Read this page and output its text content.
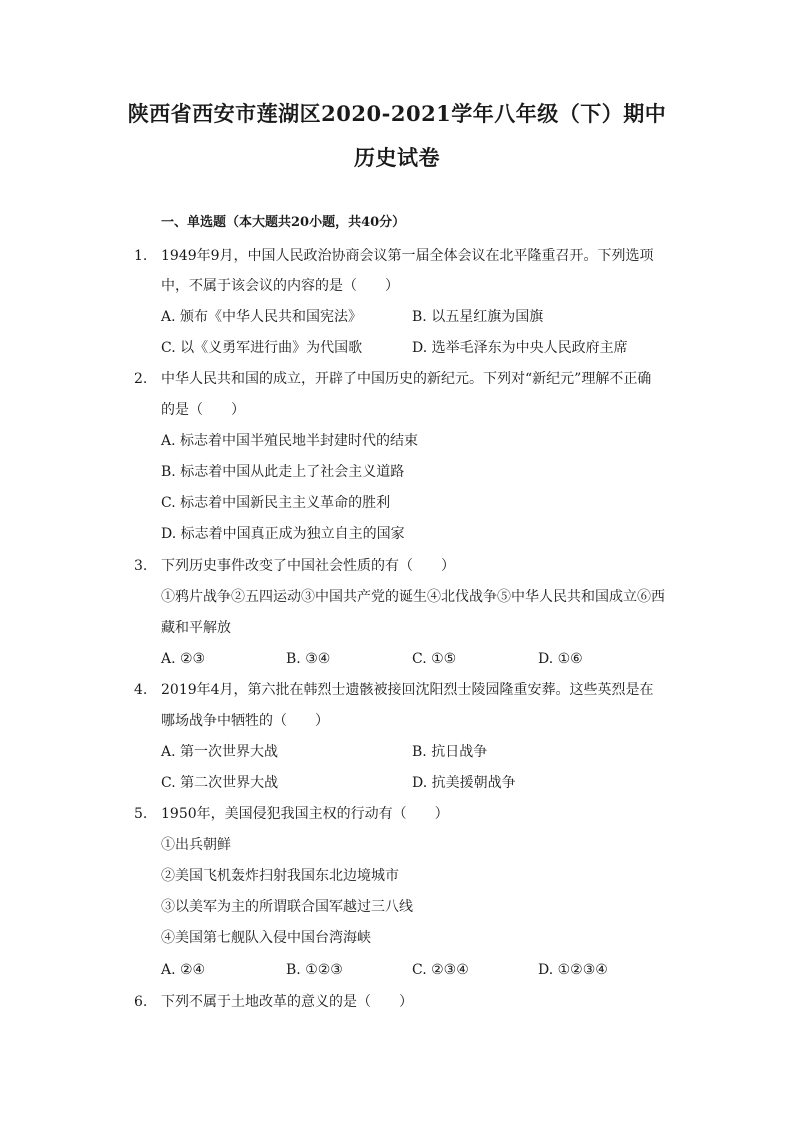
陕西省西安市莲湖区2020-2021学年八年级（下）期中
历史试卷
一、单选题（本大题共20小题，共40分）
1. 1949年9月，中国人民政治协商会议第一届全体会议在北平隆重召开。下列选项
中，不属于该会议的内容的是（　　）
A. 颁布《中华人民共和国宪法》	B. 以五星红旗为国旗
C. 以《义勇军进行曲》为代国歌	D. 选举毛泽东为中央人民政府主席
2. 中华人民共和国的成立，开辟了中国历史的新纪元。下列对“新纪元”理解不正确
的是（　　）
A. 标志着中国半殖民地半封建时代的结束
B. 标志着中国从此走上了社会主义道路
C. 标志着中国新民主主义革命的胜利
D. 标志着中国真正成为独立自主的国家
3. 下列历史事件改变了中国社会性质的有（　　）
①鸦片战争②五四运动③中国共产党的诞生④北伐战争⑤中华人民共和国成立⑥西
藏和平解放
A. ②③	B. ③④	C. ①⑤	D. ①⑥
4. 2019年4月，第六批在韩烈士遗骸被接回沈阳烈士陵园隆重安葬。这些英烈是在
哪场战争中牺牲的（　　）
A. 第一次世界大战	B. 抗日战争
C. 第二次世界大战	D. 抗美援朝战争
5. 1950年，美国侵犯我国主权的行动有（　　）
①出兵朝鲜
②美国飞机轰炸扫射我国东北边境城市
③以美军为主的所谓联合国军越过三八线
④美国第七舰队入侵中国台湾海峡
A. ②④	B. ①②③	C. ②③④	D. ①②③④
6. 下列不属于土地改革的意义的是（　　）
